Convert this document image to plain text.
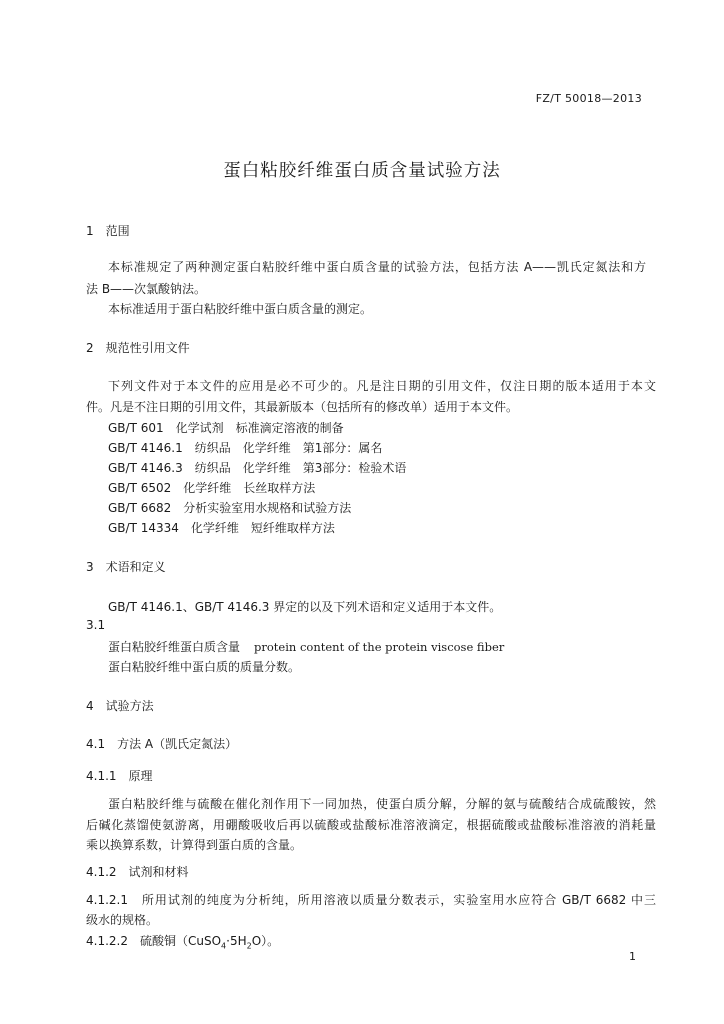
FZ/T 50018—2013
蛋白粘胶纤维蛋白质含量试验方法
1　范围
本标准规定了两种测定蛋白粘胶纤维中蛋白质含量的试验方法，包括方法 A——凯氏定氮法和方
法 B——次氯酸钠法。
本标准适用于蛋白粘胶纤维中蛋白质含量的测定。
2　规范性引用文件
下列文件对于本文件的应用是必不可少的。凡是注日期的引用文件，仅注日期的版本适用于本文
件。凡是不注日期的引用文件，其最新版本（包括所有的修改单）适用于本文件。
GB/T 601　化学试剂　标准滴定溶液的制备
GB/T 4146.1　纺织品　化学纤维　第1部分：属名
GB/T 4146.3　纺织品　化学纤维　第3部分：检验术语
GB/T 6502　化学纤维　长丝取样方法
GB/T 6682　分析实验室用水规格和试验方法
GB/T 14334　化学纤维　短纤维取样方法
3　术语和定义
GB/T 4146.1、GB/T 4146.3 界定的以及下列术语和定义适用于本文件。
3.1
蛋白粘胶纤维蛋白质含量 protein content of the protein viscose fiber
蛋白粘胶纤维中蛋白质的质量分数。
4　试验方法
4.1　方法 A（凯氏定氮法）
4.1.1　原理
蛋白粘胶纤维与硫酸在催化剂作用下一同加热，使蛋白质分解，分解的氨与硫酸结合成硫酸铵，然
后碱化蒸馏使氨游离，用硼酸吸收后再以硫酸或盐酸标准溶液滴定，根据硫酸或盐酸标准溶液的消耗量
乘以换算系数，计算得到蛋白质的含量。
4.1.2　试剂和材料
4.1.2.1　所用试剂的纯度为分析纯，所用溶液以质量分数表示，实验室用水应符合 GB/T 6682 中三
级水的规格。
4.1.2.2　硫酸铜$(CuSO_4\cdot 5H_2O)$。
1
